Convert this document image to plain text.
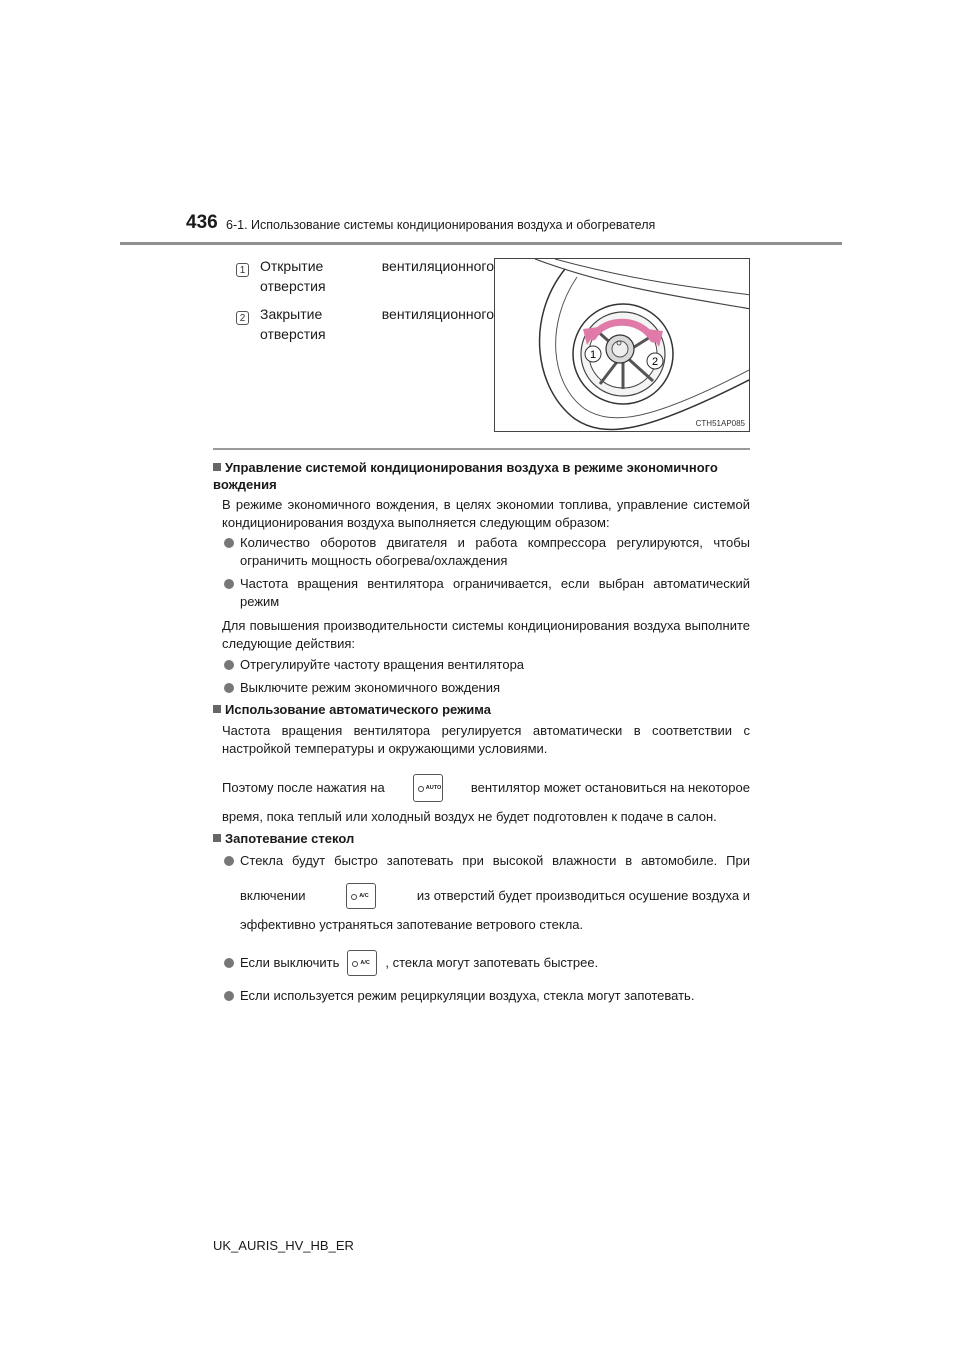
436 6-1. Использование системы кондиционирования воздуха и обогревателя
1 Открытие вентиляционного
отверстия
2 Закрытие вентиляционного
отверстия
1
2
CTH51AP085
Управление системой кондиционирования воздуха в режиме экономичного вождения
В режиме экономичного вождения, в целях экономии топлива, управление системой кондиционирования воздуха выполняется следующим образом:
Количество оборотов двигателя и работа компрессора регулируются, чтобы ограничить мощность обогрева/охлаждения
Частота вращения вентилятора ограничивается, если выбран автоматический режим
Для повышения производительности системы кондиционирования воздуха выполните следующие действия:
Отрегулируйте частоту вращения вентилятора
Выключите режим экономичного вождения
Использование автоматического режима
Частота вращения вентилятора регулируется автоматически в соответствии с настройкой температуры и окружающими условиями.
Поэтому после нажатия на	AUTO вентилятор может остановиться на некоторое
время, пока теплый или холодный воздух не будет подготовлен к подаче в салон.
Запотевание стекол
Стекла будут быстро запотевать при высокой влажности в автомобиле. При
включении	A/C	из отверстий будет производиться осушение воздуха и
эффективно устраняться запотевание ветрового стекла.
Если выключить	A/C , стекла могут запотевать быстрее.
Если используется режим рециркуляции воздуха, стекла могут запотевать.
UK_AURIS_HV_HB_ER
